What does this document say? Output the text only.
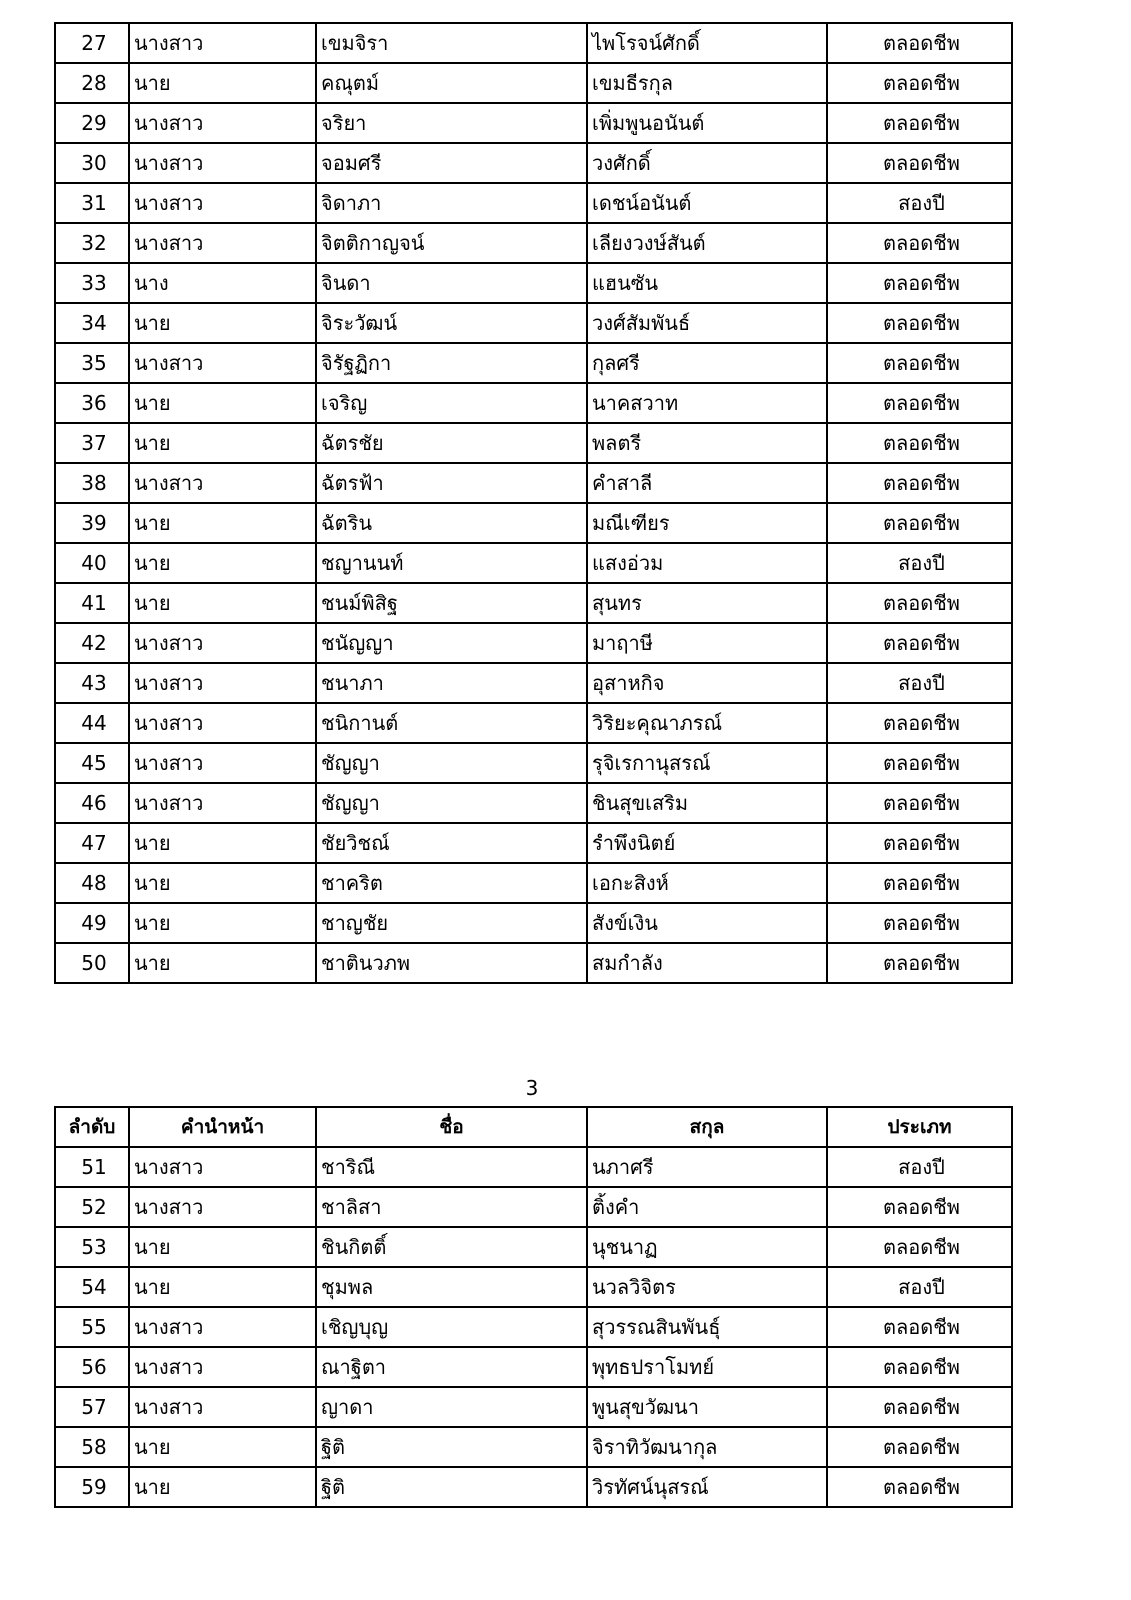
27	นางสาว	เขมจิรา	ไพโรจน์ศักดิ์	ตลอดชีพ
28	นาย	คณุตม์	เขมธีรกุล	ตลอดชีพ
29	นางสาว	จริยา	เพิ่มพูนอนันต์	ตลอดชีพ
30	นางสาว	จอมศรี	วงศักดิ์	ตลอดชีพ
31	นางสาว	จิดาภา	เดชน์อนันต์	สองปี
32	นางสาว	จิตติกาญจน์	เลียงวงษ์สันต์	ตลอดชีพ
33	นาง	จินดา	แฮนซัน	ตลอดชีพ
34	นาย	จิระวัฒน์	วงศ์สัมพันธ์	ตลอดชีพ
35	นางสาว	จิรัฐฏิกา	กุลศรี	ตลอดชีพ
36	นาย	เจริญ	นาคสวาท	ตลอดชีพ
37	นาย	ฉัตรชัย	พลตรี	ตลอดชีพ
38	นางสาว	ฉัตรฟ้า	คำสาลี	ตลอดชีพ
39	นาย	ฉัตริน	มณีเฑียร	ตลอดชีพ
40	นาย	ชญานนท์	แสงอ่วม	สองปี
41	นาย	ชนม์พิสิฐ	สุนทร	ตลอดชีพ
42	นางสาว	ชนัญญา	มาฤาษี	ตลอดชีพ
43	นางสาว	ชนาภา	อุสาหกิจ	สองปี
44	นางสาว	ชนิกานต์	วิริยะคุณาภรณ์	ตลอดชีพ
45	นางสาว	ชัญญา	รุจิเรกานุสรณ์	ตลอดชีพ
46	นางสาว	ชัญญา	ชินสุขเสริม	ตลอดชีพ
47	นาย	ชัยวิชณ์	รำพึงนิตย์	ตลอดชีพ
48	นาย	ชาคริต	เอกะสิงห์	ตลอดชีพ
49	นาย	ชาญชัย	สังข์เงิน	ตลอดชีพ
50	นาย	ชาตินวภพ	สมกำลัง	ตลอดชีพ
3
ลำดับ	คำนำหน้า	ชื่อ	สกุล	ประเภท
51	นางสาว	ชาริณี	นภาศรี	สองปี
52	นางสาว	ชาลิสา	ติ้งคำ	ตลอดชีพ
53	นาย	ชินกิตติ์	นุชนาฏ	ตลอดชีพ
54	นาย	ชุมพล	นวลวิจิตร	สองปี
55	นางสาว	เชิญบุญ	สุวรรณสินพันธุ์	ตลอดชีพ
56	นางสาว	ณาฐิตา	พุทธปราโมทย์	ตลอดชีพ
57	นางสาว	ญาดา	พูนสุขวัฒนา	ตลอดชีพ
58	นาย	ฐิติ	จิราทิวัฒนากุล	ตลอดชีพ
59	นาย	ฐิติ	วิรทัศน์นุสรณ์	ตลอดชีพ
